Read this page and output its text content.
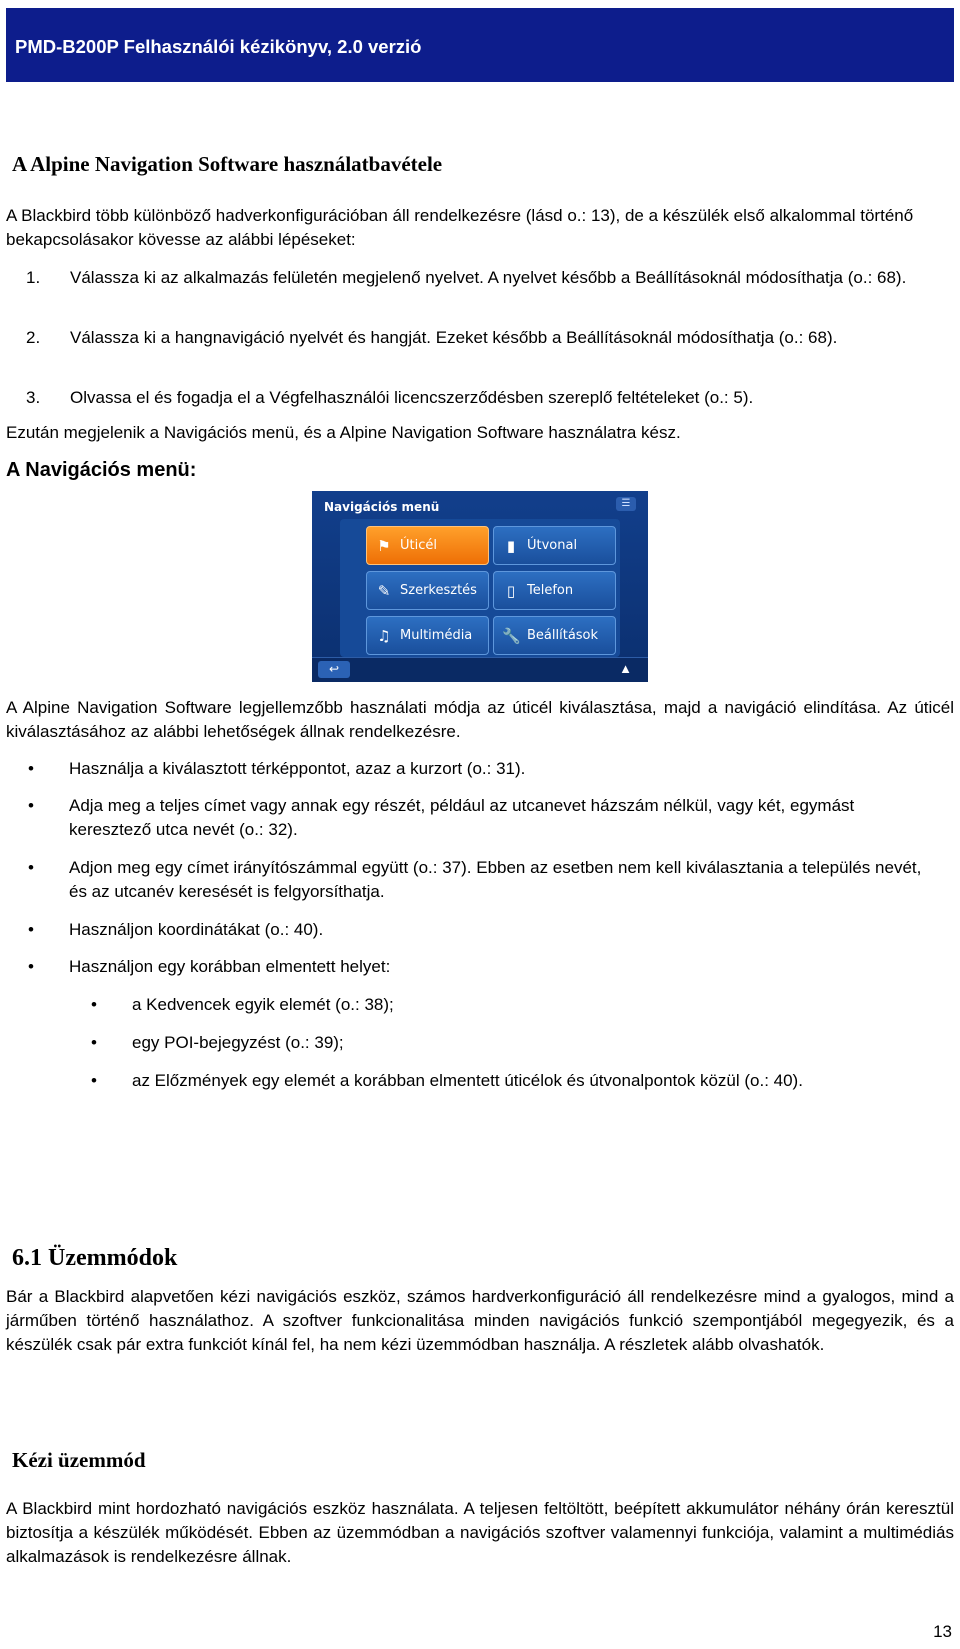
PMD-B200P Felhasználói kézikönyv, 2.0 verzió
A Alpine Navigation Software használatbavétele

A Blackbird több különböző hadverkonfigurációban áll rendelkezésre (lásd o.: 13), de a készülék első alkalommal történő bekapcsolásakor kövesse az alábbi lépéseket:

1. Válassza ki az alkalmazás felületén megjelenő nyelvet. A nyelvet később a Beállításoknál módosíthatja (o.: 68).
2. Válassza ki a hangnavigáció nyelvét és hangját. Ezeket később a Beállításoknál módosíthatja (o.: 68).
3. Olvassa el és fogadja el a Végfelhasználói licencszerződésben szereplő feltételeket (o.: 5).

Ezután megjelenik a Navigációs menü, és a Alpine Navigation Software használatra kész.

A Navigációs menü:
Navigációs menü	☰
⚑ Úticél	▮ Útvonal
✎ Szerkesztés	▯ Telefon
♫ Multimédia 🔧 Beállítások
↩	▲

A Alpine Navigation Software legjellemzőbb használati módja az úticél kiválasztása, majd a navigáció elindítása. Az úticél kiválasztásához az alábbi lehetőségek állnak rendelkezésre.

• Használja a kiválasztott térképpontot, azaz a kurzort (o.: 31).
• Adja meg a teljes címet vagy annak egy részét, például az utcanevet házszám nélkül, vagy két, egymást keresztező utca nevét (o.: 32).
• Adjon meg egy címet irányítószámmal együtt (o.: 37). Ebben az esetben nem kell kiválasztania a település nevét, és az utcanév keresését is felgyorsíthatja.
• Használjon koordinátákat (o.: 40).
• Használjon egy korábban elmentett helyet:
• a Kedvencek egyik elemét (o.: 38);
• egy POI-bejegyzést (o.: 39);
• az Előzmények egy elemét a korábban elmentett úticélok és útvonalpontok közül (o.: 40).
6.1 Üzemmódok

Bár a Blackbird alapvetően kézi navigációs eszköz, számos hardverkonfiguráció áll rendelkezésre mind a gyalogos, mind a járműben történő használathoz. A szoftver funkcionalitása minden navigációs funkció szempontjából megegyezik, és a készülék csak pár extra funkciót kínál fel, ha nem kézi üzemmódban használja. A részletek alább olvashatók.

Kézi üzemmód

A Blackbird mint hordozható navigációs eszköz használata. A teljesen feltöltött, beépített akkumulátor néhány órán keresztül biztosítja a készülék működését. Ebben az üzemmódban a navigációs szoftver valamennyi funkciója, valamint a multimédiás alkalmazások is rendelkezésre állnak.

13
